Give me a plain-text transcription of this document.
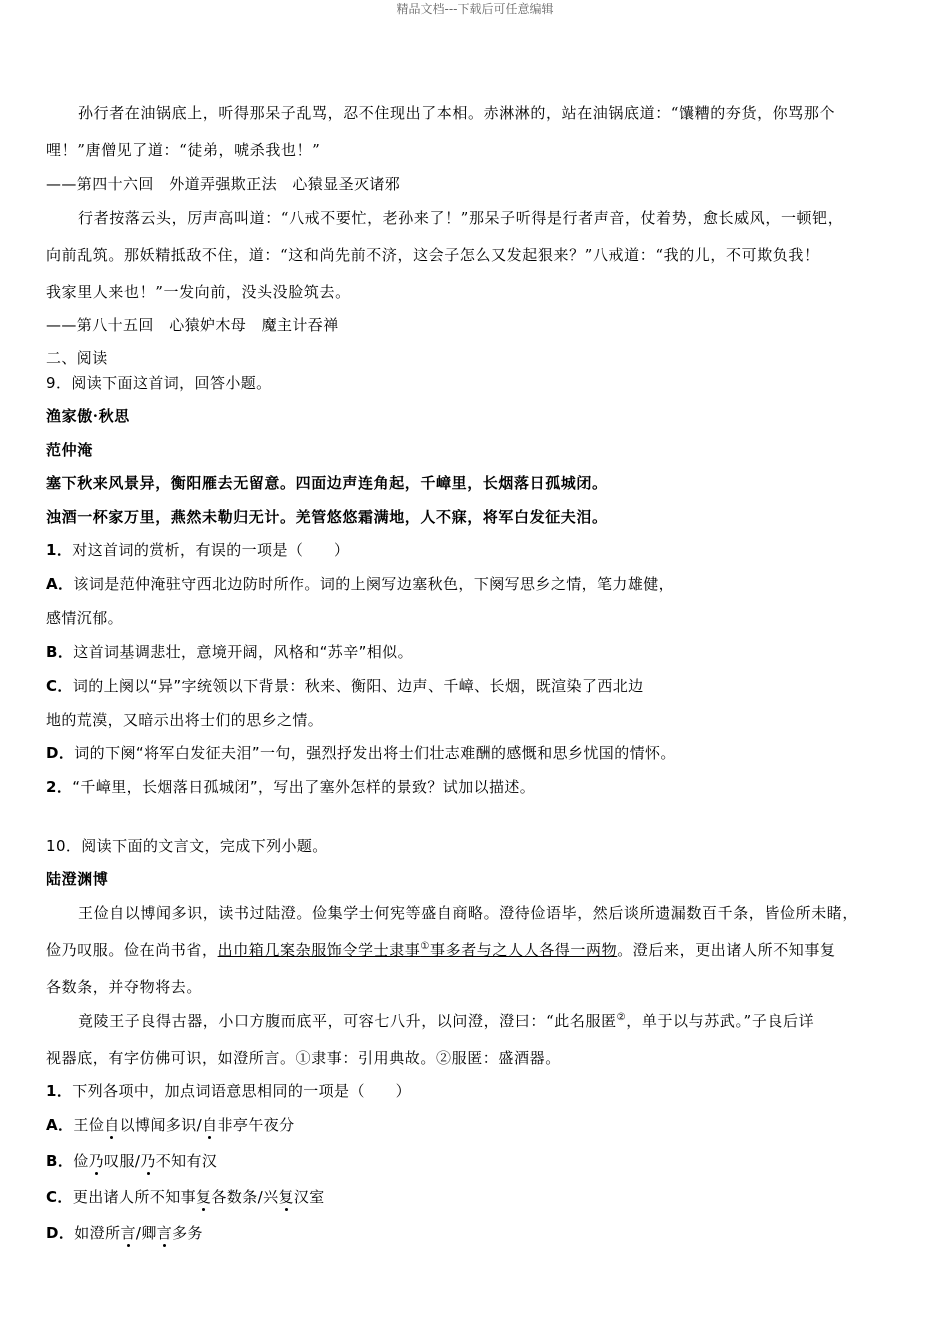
精品文档---下载后可任意编辑
孙行者在油锅底上，听得那呆子乱骂，忍不住现出了本相。赤淋淋的，站在油锅底道：“馕糟的夯货，你骂那个
哩！”唐僧见了道：“徒弟，唬杀我也！”
——第四十六回　外道弄强欺正法　心猿显圣灭诸邪
行者按落云头，厉声高叫道：“八戒不要忙，老孙来了！”那呆子听得是行者声音，仗着势，愈长威风，一顿钯，
向前乱筑。那妖精抵敌不住，道：“这和尚先前不济，这会子怎么又发起狠来？”八戒道：“我的儿，不可欺负我！
我家里人来也！”一发向前，没头没脸筑去。
——第八十五回　心猿妒木母　魔主计吞禅
二、阅读
9．阅读下面这首词，回答小题。
渔家傲·秋思
范仲淹
塞下秋来风景异，衡阳雁去无留意。四面边声连角起，千嶂里，长烟落日孤城闭。
浊酒一杯家万里，燕然未勒归无计。羌管悠悠霜满地，人不寐，将军白发征夫泪。
1．对这首词的赏析，有误的一项是（　　）
A．该词是范仲淹驻守西北边防时所作。词的上阕写边塞秋色，下阕写思乡之情，笔力雄健，
感情沉郁。
B．这首词基调悲壮，意境开阔，风格和“苏辛”相似。
C．词的上阕以“异”字统领以下背景：秋来、衡阳、边声、千嶂、长烟，既渲染了西北边
地的荒漠，又暗示出将士们的思乡之情。
D．词的下阕“将军白发征夫泪”一句，强烈抒发出将士们壮志难酬的感慨和思乡忧国的情怀。
2．“千嶂里，长烟落日孤城闭”，写出了塞外怎样的景致？试加以描述。
10．阅读下面的文言文，完成下列小题。
陆澄渊博
王俭自以博闻多识，读书过陆澄。俭集学士何宪等盛自商略。澄待俭语毕，然后谈所遗漏数百千条，皆俭所未睹，
俭乃叹服。俭在尚书省，出巾箱几案杂服饰令学士隶事①事多者与之人人各得一两物。澄后来，更出诸人所不知事复
各数条，并夺物将去。
竟陵王子良得古器，小口方腹而底平，可容七八升，以问澄，澄曰：“此名服匿②，单于以与苏武。”子良后详
视器底，有字仿佛可识，如澄所言。①隶事：引用典故。②服匿：盛酒器。
1．下列各项中，加点词语意思相同的一项是（　　）
A．王俭自以博闻多识/自非亭午夜分
B．俭乃叹服/乃不知有汉
C．更出诸人所不知事复各数条/兴复汉室
D．如澄所言/卿言多务
